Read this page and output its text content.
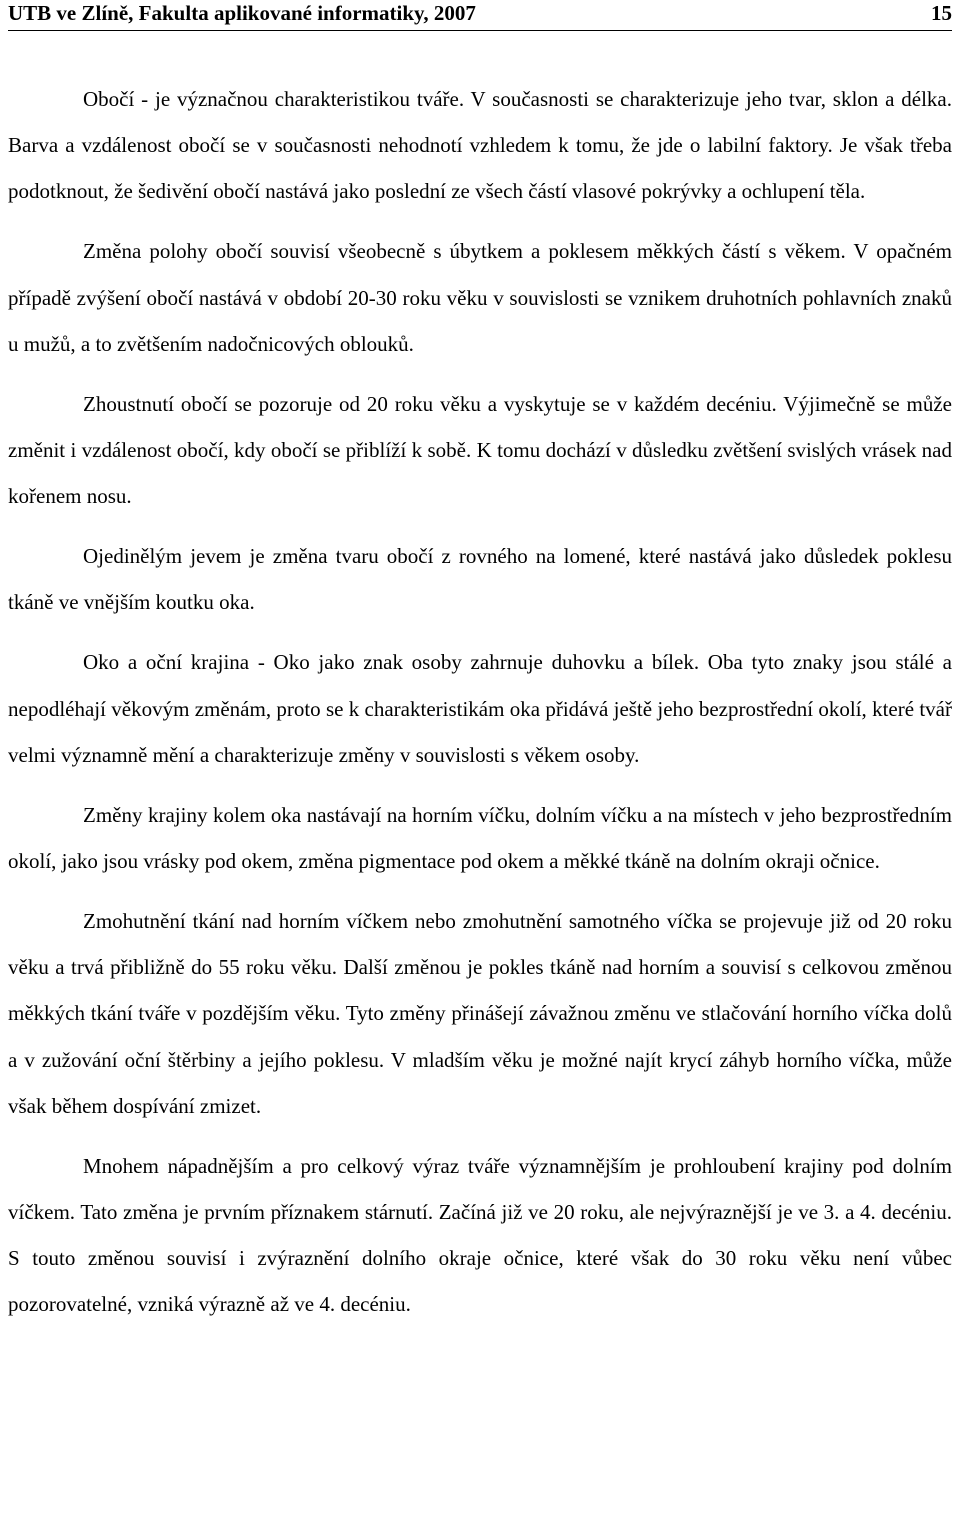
UTB ve Zlíně, Fakulta aplikované informatiky, 2007	15

Obočí - je význačnou charakteristikou tváře. V současnosti se charakterizuje jeho tvar, sklon a délka. Barva a vzdálenost obočí se v současnosti nehodnotí vzhledem k tomu, že jde o labilní faktory. Je však třeba podotknout, že šedivění obočí nastává jako poslední ze všech částí vlasové pokrývky a ochlupení těla.

Změna polohy obočí souvisí všeobecně s úbytkem a poklesem měkkých částí s věkem. V opačném případě zvýšení obočí nastává v období 20-30 roku věku v souvislosti se vznikem druhotních pohlavních znaků u mužů, a to zvětšením nadočnicových oblouků.

Zhoustnutí obočí se pozoruje od 20 roku věku a vyskytuje se v každém decéniu. Výjimečně se může změnit i vzdálenost obočí, kdy obočí se přiblíží k sobě. K tomu dochází v důsledku zvětšení svislých vrásek nad kořenem nosu.

Ojedinělým jevem je změna tvaru obočí z rovného na lomené, které nastává jako důsledek poklesu tkáně ve vnějším koutku oka.

Oko a oční krajina - Oko jako znak osoby zahrnuje duhovku a bílek. Oba tyto znaky jsou stálé a nepodléhají věkovým změnám, proto se k charakteristikám oka přidává ještě jeho bezprostřední okolí, které tvář velmi významně mění a charakterizuje změny v souvislosti s věkem osoby.

Změny krajiny kolem oka nastávají na horním víčku, dolním víčku a na místech v jeho bezprostředním okolí, jako jsou vrásky pod okem, změna pigmentace pod okem a měkké tkáně na dolním okraji očnice.

Zmohutnění tkání nad horním víčkem nebo zmohutnění samotného víčka se projevuje již od 20 roku věku a trvá přibližně do 55 roku věku. Další změnou je pokles tkáně nad horním a souvisí s celkovou změnou měkkých tkání tváře v pozdějším věku. Tyto změny přinášejí závažnou změnu ve stlačování horního víčka dolů a v zužování oční štěrbiny a jejího poklesu. V mladším věku je možné najít krycí záhyb horního víčka, může však během dospívání zmizet.

Mnohem nápadnějším a pro celkový výraz tváře významnějším je prohloubení krajiny pod dolním víčkem. Tato změna je prvním příznakem stárnutí. Začíná již ve 20 roku, ale nejvýraznější je ve 3. a 4. decéniu. S touto změnou souvisí i zvýraznění dolního okraje očnice, které však do 30 roku věku není vůbec pozorovatelné, vzniká výrazně až ve 4. decéniu.
